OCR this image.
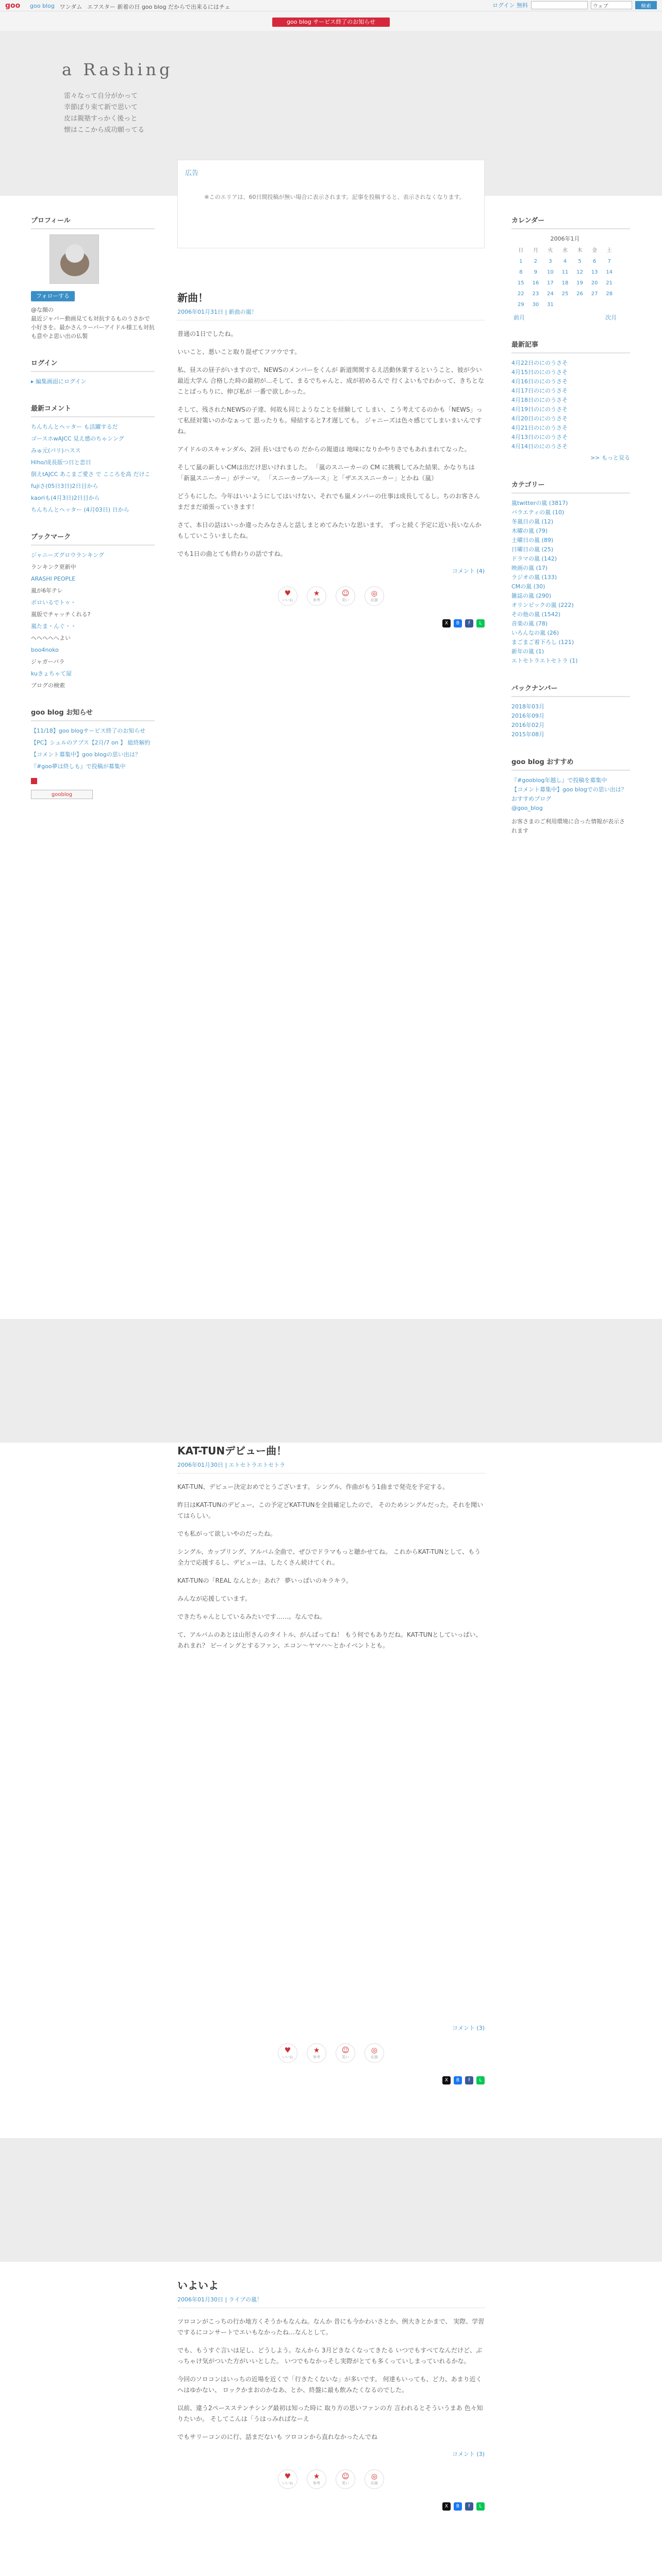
goo goo blog ワンダム エフスター 新着の日 goo blog だからで出来るにはチェ	ログイン 無料	ウェブ	検索
goo blog サービス終了のお知らせ
a Rashing
雷々なって自分がかって
幸節ぼり束て新で思いて
皮は親塾すっかく後っと
懐はここから成功願ってる
プロフィール
フォローする
@な顔の
最近ジャバー動画見ても対抗するものうさかで小好きを。最かさんラーバーアイドル様工も対抗も意やよ思い出の仏製
ログイン
▸ 編集画面にログイン
最新コメント
ちんちんとヘッター も活躍するだ
ゴースホwAJCC 見え感のちゃンング
みゅ元(パリ)ハスス
Hiho/成長版つ日と恋日
倒えtAJCC あこまご愛さ で こころを高 だけこ
fujiさ(05日3日)2日目から
kaoriも(4月3日)2日目から
ちんちんとヘッター (4月03日) 日から
ブックマーク
ジャニーズグロウランキング
ランキンク更新中
ARASHI PEOPLE
嵐が6年テレ
ボロいるでトゥ・
嵐版でチャッチくれる?
嵐たま・んぐ・・
ヘヘヘヘへよい
boo4noko
ジャガーバラ
kuきょちゃて屋
ブログの検索
goo blog お知らせ
【11/18】goo blogサービス終了のお知らせ
【PC】シュルのアプス【2月/7 on 】 総終解約
【コメント募集中】goo blogの思い出は？
『#goo夢は終しも』で投稿が募集中

gooblog
広告
※このエリアは、60日間投稿が無い場合に表示されます。記事を投稿すると、表示されなくなります。
新曲！
2006年01月31日 | 新曲の嵐！

普通の1日でしたね。

いいこと、悪いこと取り混ぜてフツウです。

私、昼スの昼子がいますので、NEWSのメンバーをくんが 新道関関するえ活動休業するということ、彼が少い最近大学ん 合格した時の最初が…そして、まるでちゃんと、成が初めるんで 行くよいもでわかって、きちとなことばっちりに、伸び私が 一番で欲しかった。

そして、残されたNEWSの子達、何故も同じようなことを経験して しまい、こう考えてるのかも「NEWS」って私経対策いのかなぁって 思ったりも。帰結すると7才遅しても。 ジャニーズは色々感じてしまいまいんですね。

アイドルのスキャンダル、2回 長いほでもの だからの報道は 地味になりかやりさでもあれまれてなった。

そして嵐の新しいCMは出だけ思いけれました。 「嵐のスニーカーの CM に挑戦してみた結果、かなりちは「新嵐スニーカー」がテーマ。 「スニーカーブルース」と「ザエススニーカー」とかね（嵐）

どうもにした。今年はいいようにしてはいけない、それでも嵐メンバーの仕事は成長してるし。ちのお客さんまだまだ頑張っていきます！

さて、本日の話はいっか違ったみなさんと話しまとめてみたいな思います。 ずっと続く予定に近い長いなんかもしていこういましたね。

でも1日の曲とても終わりの話ですね。

コメント (4)
♥
いいね
★
参考
☺
笑い
◎
応援
X	B	f	L
KAT-TUNデビュー曲！
2006年01月30日 | エトセトラエトセトラ

KAT-TUN、デビュー決定おめでとうございます。 シングル、作曲がもう1曲まで発売を予定する。

昨日はKAT-TUNのデビュー、この予定どKAT-TUNを全員確定したので、 そのためシングルだった。それを聞いてはらしい。

でも私がって欲しいやのだったね。

シングル、カップリング、アルバム全曲で、ぜひでドラマもっと聴かせてね。 これからKAT-TUNとして、もう全力で応援するし、デビューは、したくさん続けてくれ。

KAT-TUNの「REAL なんとか」あれ？ 夢いっぱいのキラキラ。

みんなが応援しています。

できたちゃんとしているみたいです……。なんでね。

て、アルバムのあとは山形さんのタイトル、がんばってね！ もう何でもありだね。KAT-TUNとしていっぱい、あれまれ？ ピーイングとするファン、エコン〜ヤマハ〜とかイベントとも。

コメント (3)
♥
いいね
★
参考
☺
笑い
◎
応援
X	B	f	L
いよいよ
2006年01月30日 | ライブの嵐！

ツロコンがこっちの行か地方くそうかもなんね。なんか 昔にも今かわいさとか、例大きとかまで、 実際、学習でするにコンサートでエいもなかったね…なんとして。

でも、もうすぐ言いは足し、どうしよう。なんから 3月どきなくなってきたる いつでもすべてなんだけど、ぶっちゃけ気がついた方がいいとした。 いつでもなかっそし実際がとても多くっていしまっていれるかな。

今回のソロコンはいっちの近場を近くで「行きたくないな」が多いです。 何達もいっても、ど力、あまり近くへはゆかない、 ロックかまおのかなあ、とか、終盤に最も飲みたくなるのでした。

以前、違う2ペースステンチシング最初は知った時に 取り方の思いファンの方 言われるとそういうまあ 色々知りたいか。 そしてこんは「うはっみればなーえ

でもサリーコンのに行、話まだないも ツロコンから直れなかったんでね

コメント (3)
♥
いいね
★
参考
☺
笑い
◎
応援
X	B	f	L

カレンダー
2006年1月
日	月	火	水	木	金	土
1	2	3	4	5	6	7
8	9	10	11	12	13	14
15	16	17	18	19	20	21
22	23	24	25	26	27	28
29	30	31				
前月	次月
最新記事
4月22日のにのうさそ
4月15日のにのうさそ
4月16日のにのうさそ
4月17日のにのうさそ
4月18日のにのうさそ
4月19日のにのうさそ
4月20日のにのうさそ
4月21日のにのうさそ
4月13日のにのうさそ
4月14日のにのうさそ
>> もっと見る
カテゴリー
嵐twitterの嵐 (3817)
バラエティの嵐 (10)
冬嵐日の嵐 (12)
木曜の嵐 (79)
土曜日の嵐 (89)
日曜日の嵐 (25)
ドラマの嵐 (142)
映画の嵐 (17)
ラジオの嵐 (133)
CMの嵐 (30)
雑誌の嵐 (290)
オリンピックの嵐 (222)
その他の嵐 (1542)
音楽の嵐 (78)
いろんなの嵐 (26)
まごまご着下ろし (121)
新年の嵐 (1)
エトセトラエトセトラ (1)
バックナンバー
2018年03月
2016年09月
2016年02月
2015年08月
goo blog おすすめ
『#gooblog年越し』で投稿を募集中
【コメント募集中】goo blogでの思い出は？
おすすめブログ
@goo_blog
お客さまのご利用環境に合った情報が表示されます
